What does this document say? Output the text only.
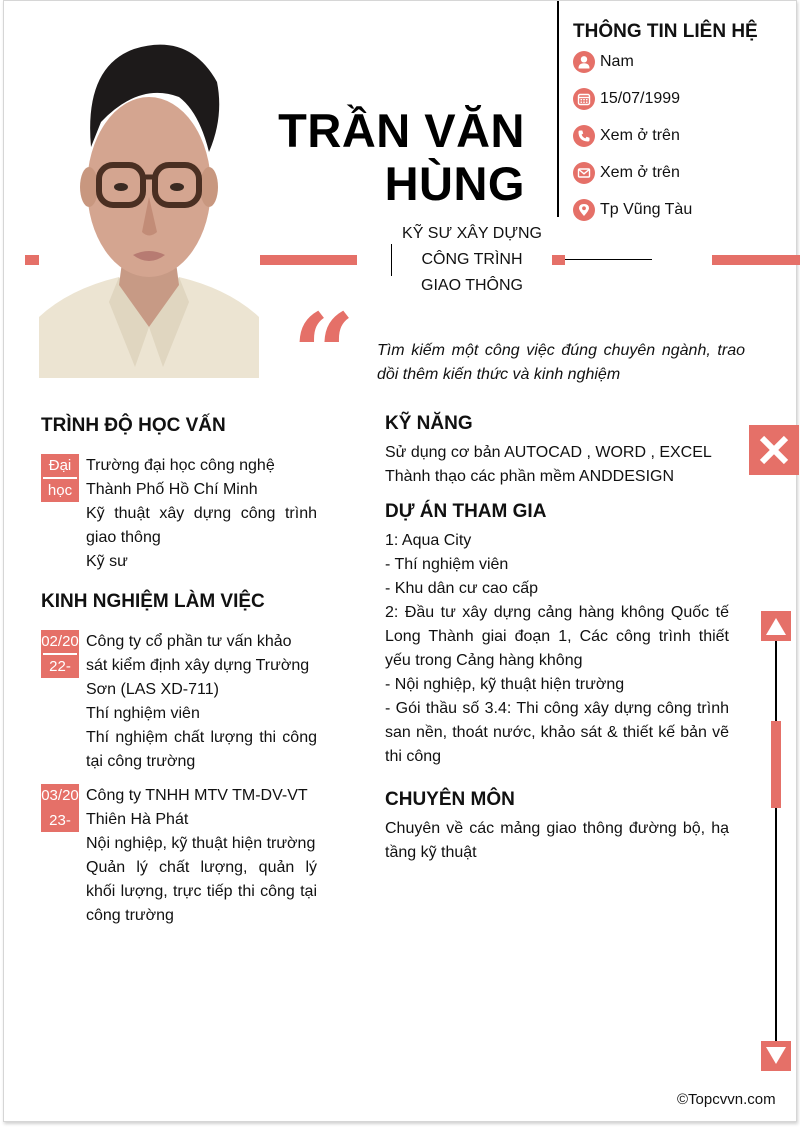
TRẦN VĂN
HÙNG
KỸ SƯ XÂY DỰNG
CÔNG TRÌNH
GIAO THÔNG
THÔNG TIN LIÊN HỆ
Nam
15/07/1999
Xem ở trên
Xem ở trên
Tp Vũng Tàu
“ Tìm kiếm một công việc đúng chuyên ngành, trao dồi thêm kiến thức và kinh nghiệm
TRÌNH ĐỘ HỌC VẤN
Đại
học
Trường đại học công nghệ Thành Phố Hồ Chí Minh
Kỹ thuật xây dựng công trình giao thông
Kỹ sư
KINH NGHIỆM LÀM VIỆC
02/20
22-
Công ty cổ phần tư vấn khảo sát kiểm định xây dựng Trường Sơn (LAS XD-711)
Thí nghiệm viên
Thí nghiệm chất lượng thi công tại công trường
03/20
23-
Công ty TNHH MTV TM-DV-VT Thiên Hà Phát
Nội nghiệp, kỹ thuật hiện trường
Quản lý chất lượng, quản lý khối lượng, trực tiếp thi công tại công trường
KỸ NĂNG
Sử dụng cơ bản AUTOCAD , WORD , EXCEL
Thành thạo các phần mềm ANDDESIGN
DỰ ÁN THAM GIA
1: Aqua City
- Thí nghiệm viên
- Khu dân cư cao cấp
2: Đầu tư xây dựng cảng hàng không Quốc tế Long Thành giai đoạn 1, Các công trình thiết yếu trong Cảng hàng không
- Nội nghiệp, kỹ thuật hiện trường
- Gói thầu số 3.4: Thi công xây dựng công trình san nền, thoát nước, khảo sát & thiết kế bản vẽ thi công
CHUYÊN MÔN
Chuyên về các mảng giao thông đường bộ, hạ tầng kỹ thuật
©Topcvvn.com
